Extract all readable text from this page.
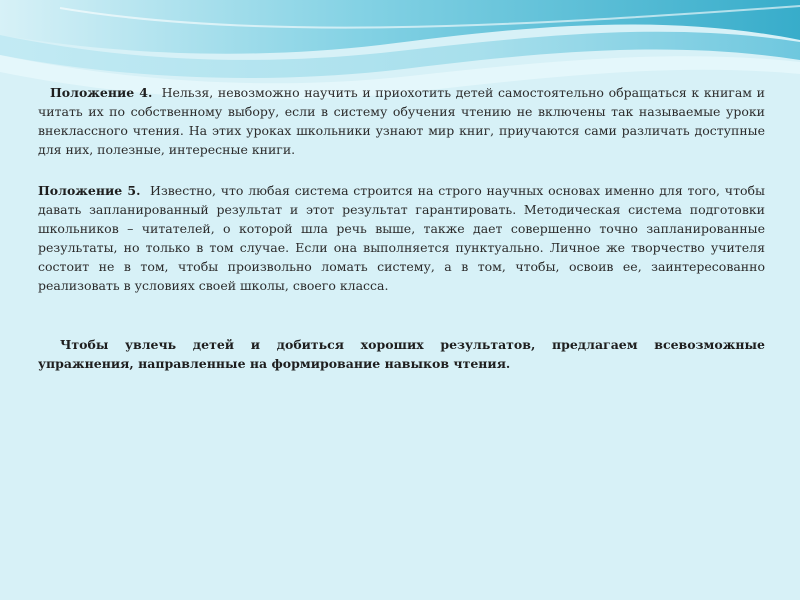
Положение 4. Нельзя, невозможно научить и приохотить детей самостоятельно обращаться к книгам и читать их по собственному выбору, если в систему обучения чтению не включены так называемые уроки внеклассного чтения. На этих уроках школьники узнают мир книг, приучаются сами различать доступные для них, полезные, интересные книги.

Положение 5. Известно, что любая система строится на строго научных основах именно для того, чтобы давать запланированный результат и этот результат гарантировать. Методическая система подготовки школьников – читателей, о которой шла речь выше, также дает совершенно точно запланированные результаты, но только в том случае. Если она выполняется пунктуально. Личное же творчество учителя состоит не в том, чтобы произвольно ломать систему, а в том, чтобы, освоив ее, заинтересованно реализовать в условиях своей школы, своего класса.

Чтобы увлечь детей и добиться хороших результатов, предлагаем всевозможные упражнения, направленные на формирование навыков чтения.
